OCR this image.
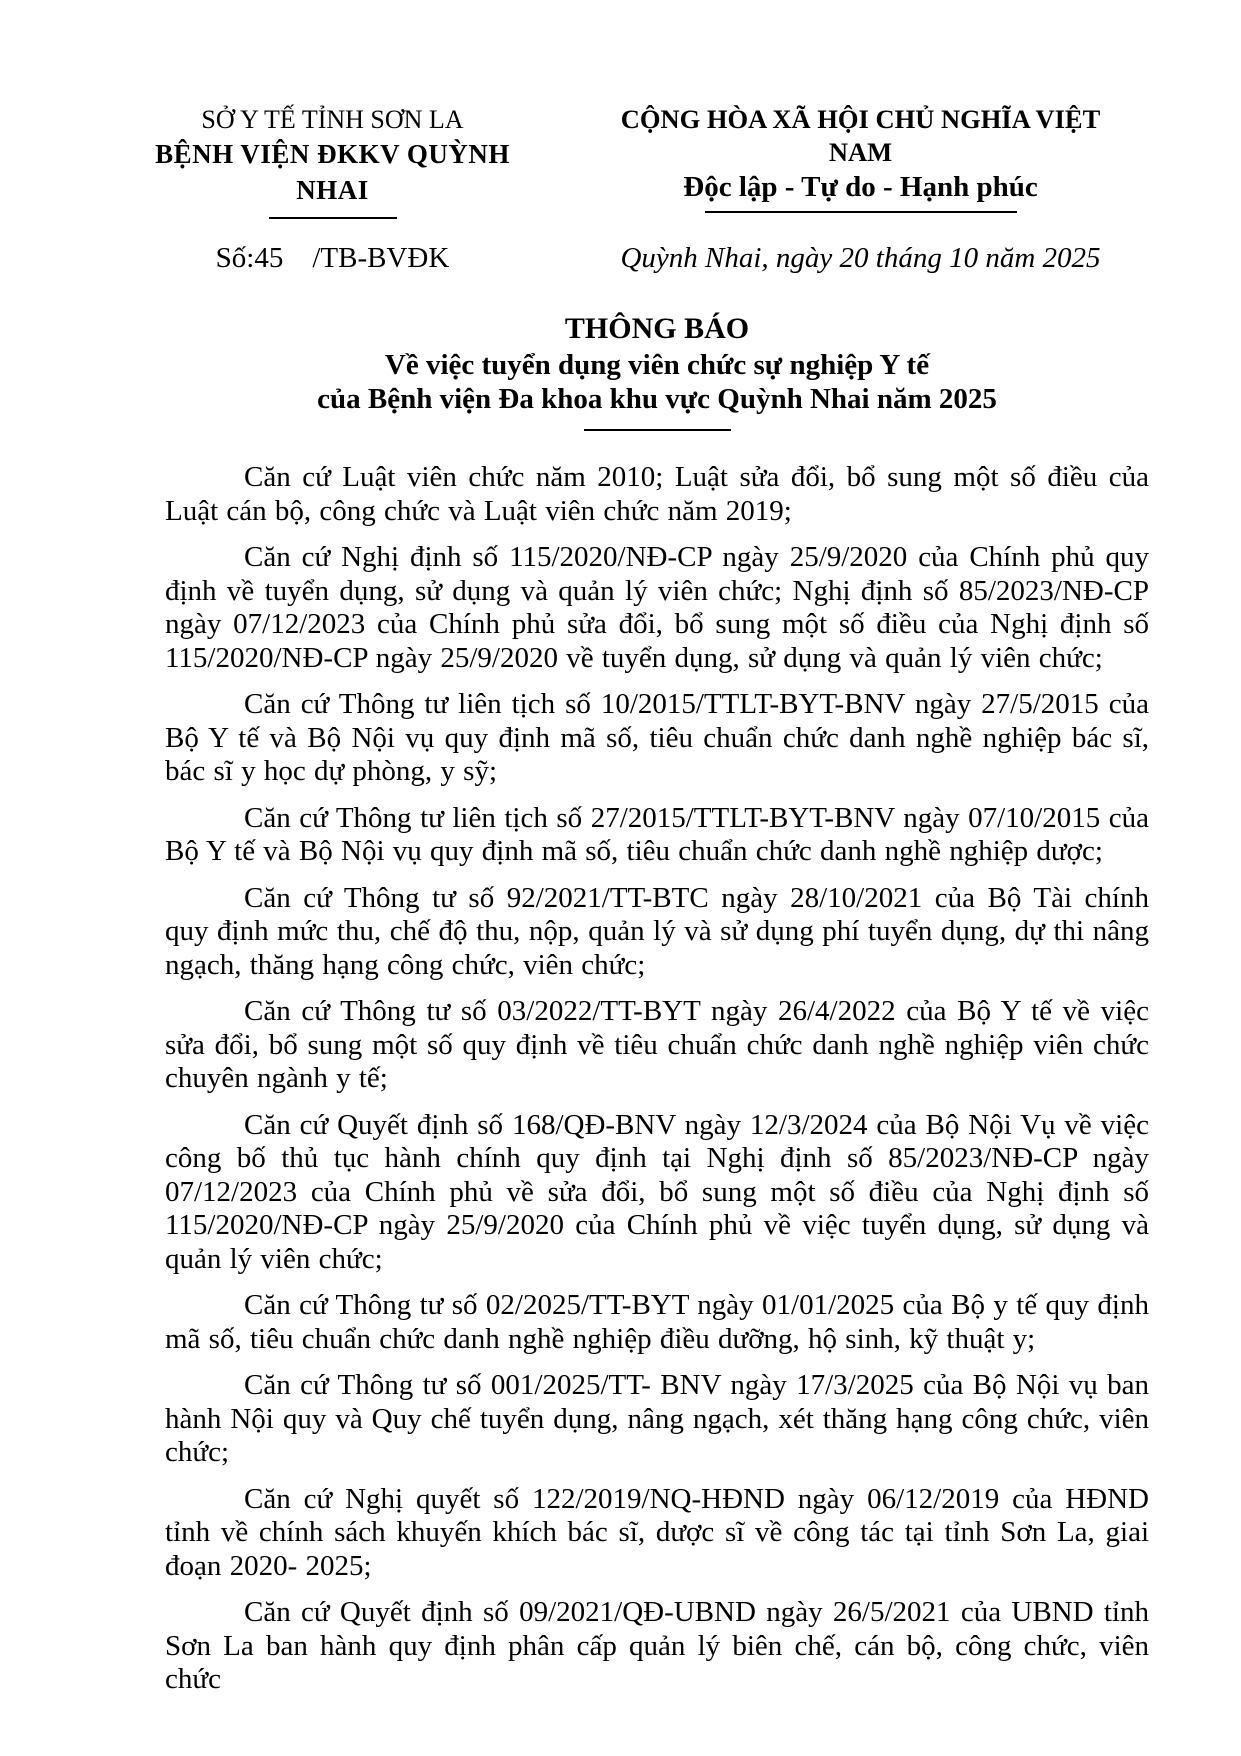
SỞ Y TẾ TỈNH SƠN LA
BỆNH VIỆN ĐKKV QUỲNH NHAI
CỘNG HÒA XÃ HỘI CHỦ NGHĨA VIỆT NAM
Độc lập - Tự do - Hạnh phúc
Số:45    /TB-BVĐK	Quỳnh Nhai, ngày 20 tháng 10 năm 2025
THÔNG BÁO
Về việc tuyển dụng viên chức sự nghiệp Y tế
của Bệnh viện Đa khoa khu vực Quỳnh Nhai năm 2025

Căn cứ Luật viên chức năm 2010; Luật sửa đổi, bổ sung một số điều của Luật cán bộ, công chức và Luật viên chức năm 2019;

Căn cứ Nghị định số 115/2020/NĐ-CP ngày 25/9/2020 của Chính phủ quy định về tuyển dụng, sử dụng và quản lý viên chức; Nghị định số 85/2023/NĐ-CP ngày 07/12/2023 của Chính phủ sửa đổi, bổ sung một số điều của Nghị định số 115/2020/NĐ-CP ngày 25/9/2020 về tuyển dụng, sử dụng và quản lý viên chức;

Căn cứ Thông tư liên tịch số 10/2015/TTLT-BYT-BNV ngày 27/5/2015 của Bộ Y tế và Bộ Nội vụ quy định mã số, tiêu chuẩn chức danh nghề nghiệp bác sĩ, bác sĩ y học dự phòng, y sỹ;

Căn cứ Thông tư liên tịch số 27/2015/TTLT-BYT-BNV ngày 07/10/2015 của Bộ Y tế và Bộ Nội vụ quy định mã số, tiêu chuẩn chức danh nghề nghiệp dược;

Căn cứ Thông tư số 92/2021/TT-BTC ngày 28/10/2021 của Bộ Tài chính quy định mức thu, chế độ thu, nộp, quản lý và sử dụng phí tuyển dụng, dự thi nâng ngạch, thăng hạng công chức, viên chức;

Căn cứ Thông tư số 03/2022/TT-BYT ngày 26/4/2022 của Bộ Y tế về việc sửa đổi, bổ sung một số quy định về tiêu chuẩn chức danh nghề nghiệp viên chức chuyên ngành y tế;

Căn cứ Quyết định số 168/QĐ-BNV ngày 12/3/2024 của Bộ Nội Vụ về việc công bố thủ tục hành chính quy định tại Nghị định số 85/2023/NĐ-CP ngày 07/12/2023 của Chính phủ về sửa đổi, bổ sung một số điều của Nghị định số 115/2020/NĐ-CP ngày 25/9/2020 của Chính phủ về việc tuyển dụng, sử dụng và quản lý viên chức;

Căn cứ Thông tư số 02/2025/TT-BYT ngày 01/01/2025 của Bộ y tế quy định mã số, tiêu chuẩn chức danh nghề nghiệp điều dưỡng, hộ sinh, kỹ thuật y;

Căn cứ Thông tư số 001/2025/TT- BNV ngày 17/3/2025 của Bộ Nội vụ ban hành Nội quy và Quy chế tuyển dụng, nâng ngạch, xét thăng hạng công chức, viên chức;

Căn cứ Nghị quyết số 122/2019/NQ-HĐND ngày 06/12/2019 của HĐND tỉnh về chính sách khuyến khích bác sĩ, dược sĩ về công tác tại tỉnh Sơn La, giai đoạn 2020- 2025;

Căn cứ Quyết định số 09/2021/QĐ-UBND ngày 26/5/2021 của UBND tỉnh Sơn La ban hành quy định phân cấp quản lý biên chế, cán bộ, công chức, viên chức
